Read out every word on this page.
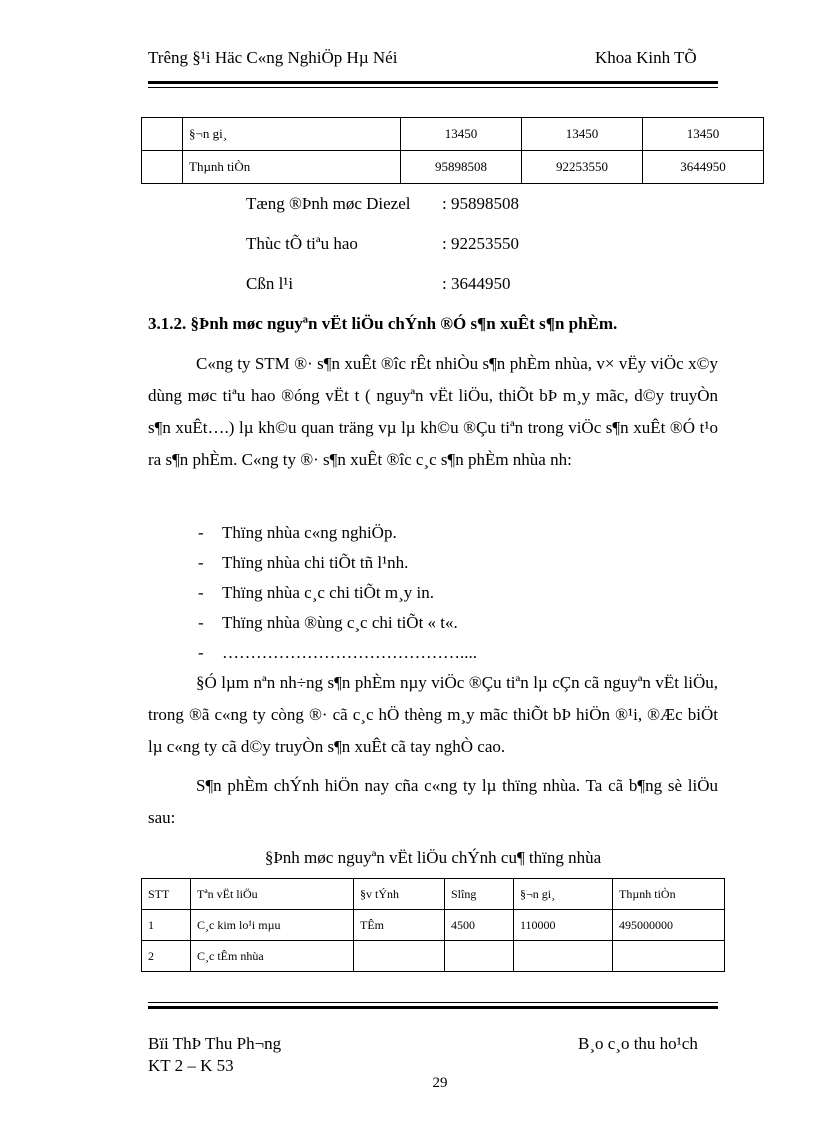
Trêng §¹i Häc C«ng NghiÖp Hµ Néi	Khoa Kinh TÕ
	§¬n gi¸	13450	13450	13450
	Thµnh tiÒn	95898508	92253550	3644950
Tæng ®Þnh møc Diezel : 95898508
Thùc tÕ tiªu hao	: 92253550
Cßn l¹i	: 3644950
3.1.2. §Þnh møc nguyªn vËt liÖu chÝnh ®Ó s¶n xuÊt s¶n phÈm.
C«ng ty STM ®· s¶n xuÊt ®îc rÊt nhiÒu s¶n phÈm nhùa, v× vËy viÖc x©y dùng møc tiªu hao ®óng vËt t ( nguyªn vËt liÖu, thiÕt bÞ m¸y mãc, d©y truyÒn s¶n xuÊt….) lµ kh©u quan träng vµ lµ kh©u ®Çu tiªn trong viÖc s¶n xuÊt ®Ó t¹o ra s¶n phÈm. C«ng ty ®· s¶n xuÊt ®îc c¸c s¶n phÈm nhùa nh:
- Thïng nhùa c«ng nghiÖp.
- Thïng nhùa chi tiÕt tñ l¹nh.
- Thïng nhùa c¸c chi tiÕt m¸y in.
- Thïng nhùa ®ùng c¸c chi tiÕt « t«.
- ……………………………………....
§Ó lµm nªn nh÷ng s¶n phÈm nµy viÖc ®Çu tiªn lµ cÇn cã nguyªn vËt liÖu, trong ®ã c«ng ty còng ®· cã c¸c hÖ thèng m¸y mãc thiÕt bÞ hiÖn ®¹i, ®Æc biÖt lµ c«ng ty cã d©y truyÒn s¶n xuÊt cã tay nghÒ cao.
S¶n phÈm chÝnh hiÖn nay cña c«ng ty lµ thïng nhùa. Ta cã b¶ng sè liÖu sau:
§Þnh møc nguyªn vËt liÖu chÝnh cu¶ thïng nhùa
STT	Tªn vËt liÖu	§v tÝnh	Slîng	§¬n gi¸	Thµnh tiÒn
1	C¸c kim lo¹i mµu	TÊm	4500	110000	495000000
2	C¸c tÊm nhùa				
Bïi ThÞ Thu Ph¬ng
KT 2 – K 53
B¸o c¸o thu ho¹ch
29
